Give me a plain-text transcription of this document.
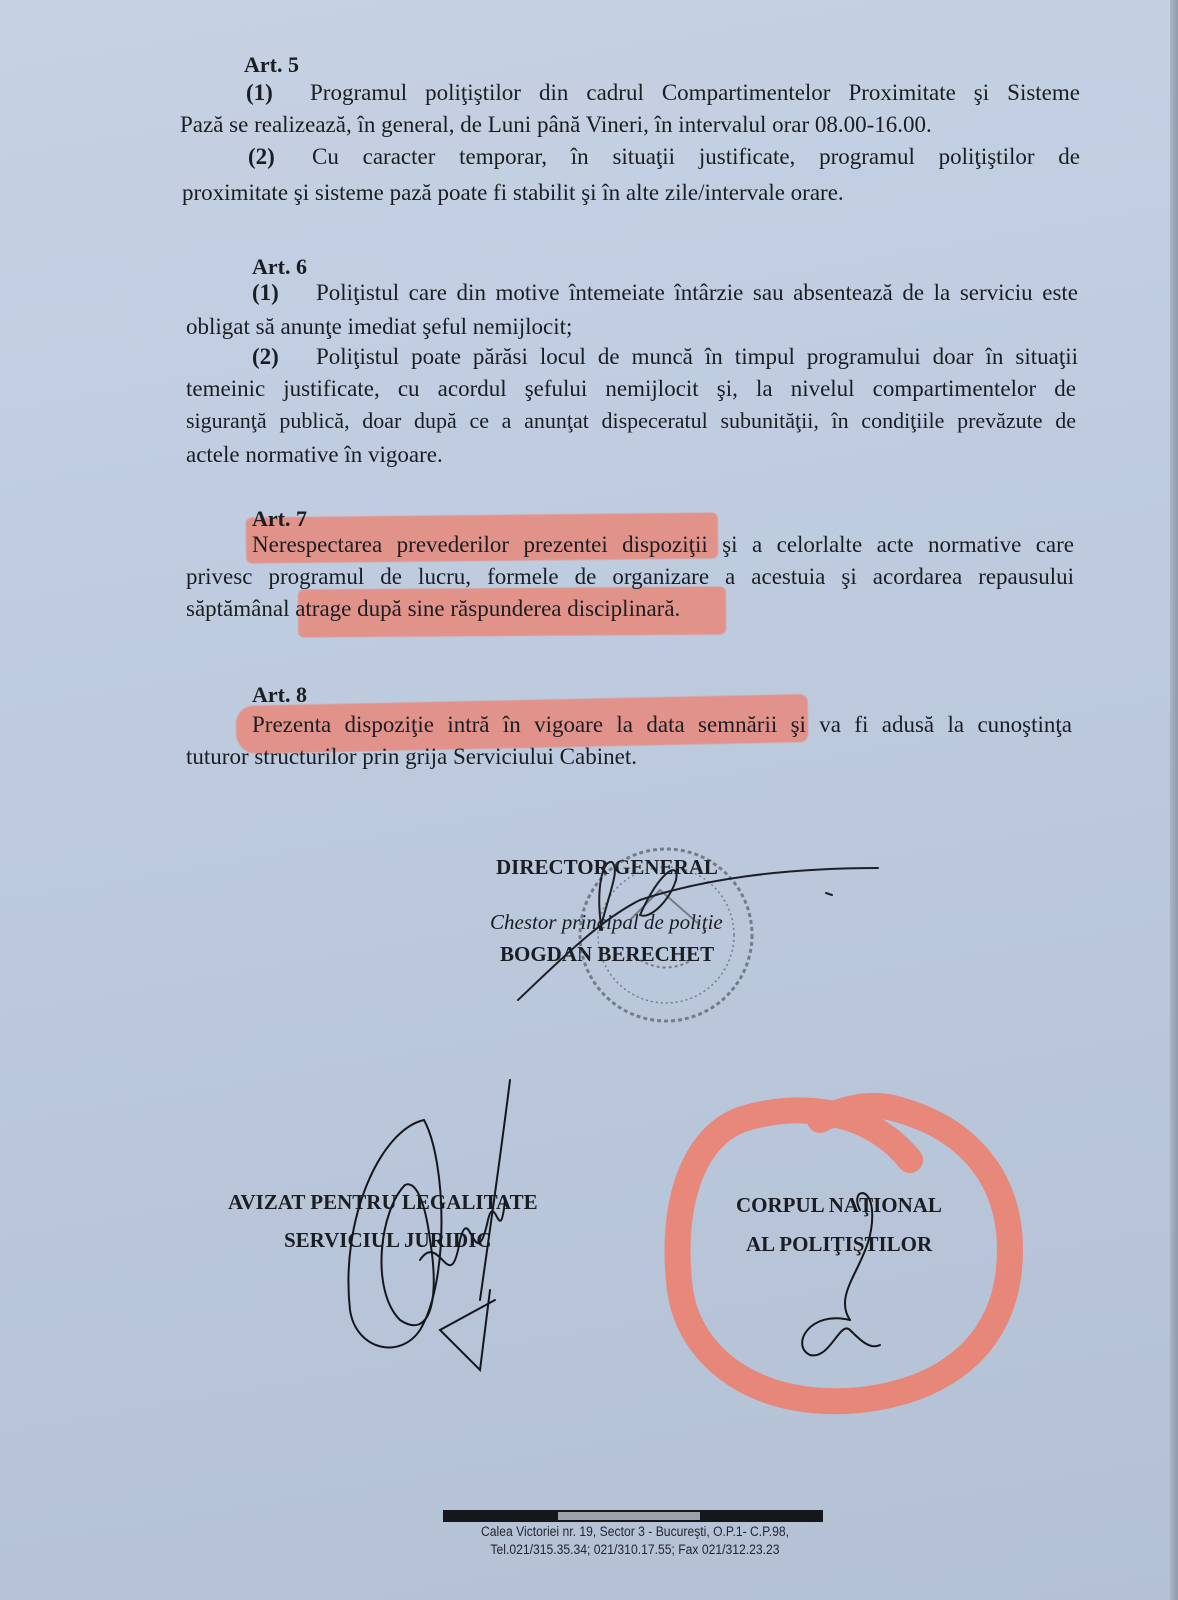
Art. 5
(1) Programul poliţiştilor din cadrul Compartimentelor Proximitate şi Sisteme
Pază se realizează, în general, de Luni până Vineri, în intervalul orar 08.00-16.00.
(2) Cu caracter temporar, în situaţii justificate, programul poliţiştilor de
proximitate şi sisteme pază poate fi stabilit şi în alte zile/intervale orare.
Art. 6
(1) Poliţistul care din motive întemeiate întârzie sau absentează de la serviciu este
obligat să anunţe imediat şeful nemijlocit;
(2) Poliţistul poate părăsi locul de muncă în timpul programului doar în situaţii
temeinic justificate, cu acordul şefului nemijlocit şi, la nivelul compartimentelor de
siguranţă publică, doar după ce a anunţat dispeceratul subunităţii, în condiţiile prevăzute de
actele normative în vigoare.
Art. 7
Nerespectarea prevederilor prezentei dispoziţii şi a celorlalte acte normative care
privesc programul de lucru, formele de organizare a acestuia şi acordarea repausului
săptămânal atrage după sine răspunderea disciplinară.
Art. 8
Prezenta dispoziţie intră în vigoare la data semnării şi va fi adusă la cunoştinţa
tuturor structurilor prin grija Serviciului Cabinet.
DIRECTOR GENERAL
Chestor principal de poliţie
BOGDAN BERECHET
AVIZAT PENTRU LEGALITATE
SERVICIUL JURIDIC
CORPUL NAŢIONAL
AL POLIŢIŞTILOR
Calea Victoriei nr. 19, Sector 3 - Bucureşti, O.P.1- C.P.98,
Tel.021/315.35.34; 021/310.17.55; Fax 021/312.23.23
